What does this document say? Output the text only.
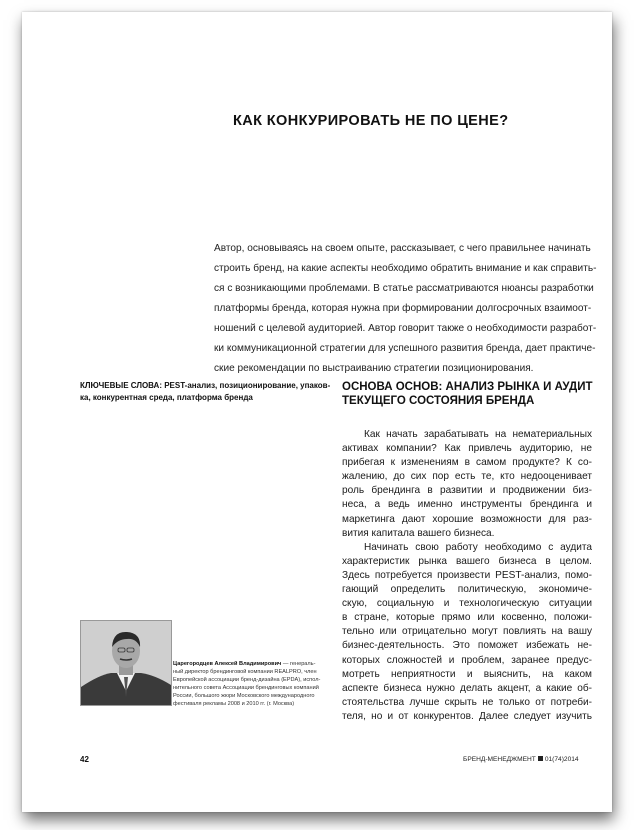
КАК КОНКУРИРОВАТЬ НЕ ПО ЦЕНЕ?
Автор, основываясь на своем опыте, рассказывает, с чего правильнее начинать
строить бренд, на какие аспекты необходимо обратить внимание и как справить-
ся с возникающими проблемами. В статье рассматриваются нюансы разработки
платформы бренда, которая нужна при формировании долгосрочных взаимоот-
ношений с целевой аудиторией. Автор говорит также о необходимости разработ-
ки коммуникационной стратегии для успешного развития бренда, дает практиче-
ские рекомендации по выстраиванию стратегии позиционирования.
КЛЮЧЕВЫЕ СЛОВА: PEST-анализ, позиционирование, упаков-
ка, конкурентная среда, платформа бренда
ОСНОВА ОСНОВ: АНАЛИЗ РЫНКА И АУДИТ
ТЕКУЩЕГО СОСТОЯНИЯ БРЕНДА
Как начать зарабатывать на нематериальных
активах компании? Как привлечь аудиторию, не
прибегая к изменениям в самом продукте? К со-
жалению, до сих пор есть те, кто недооценивает
роль брендинга в развитии и продвижении биз-
неса, а ведь именно инструменты брендинга и
маркетинга дают хорошие возможности для раз-
вития капитала вашего бизнеса.
Начинать свою работу необходимо с аудита
характеристик рынка вашего бизнеса в целом.
Здесь потребуется произвести PEST-анализ, помо-
гающий определить политическую, экономиче-
скую, социальную и технологическую ситуации
в стране, которые прямо или косвенно, положи-
тельно или отрицательно могут повлиять на вашу
бизнес-деятельность. Это поможет избежать не-
которых сложностей и проблем, заранее предус-
мотреть неприятности и выяснить, на каком
аспекте бизнеса нужно делать акцент, а какие об-
стоятельства лучше скрыть не только от потреби-
теля, но и от конкурентов. Далее следует изучить
Царегородцев Алексей Владимирович — генераль-
ный директор брендинговой компании REALPRO, член
Европейской ассоциации бренд-дизайна (EPDA), испол-
нительного совета Ассоциации брендинговых компаний
России, большого жюри Московского международного
фестиваля рекламы 2008 и 2010 гг. (г. Москва)
42	БРЕНД-МЕНЕДЖМЕНТ 01(74)2014
